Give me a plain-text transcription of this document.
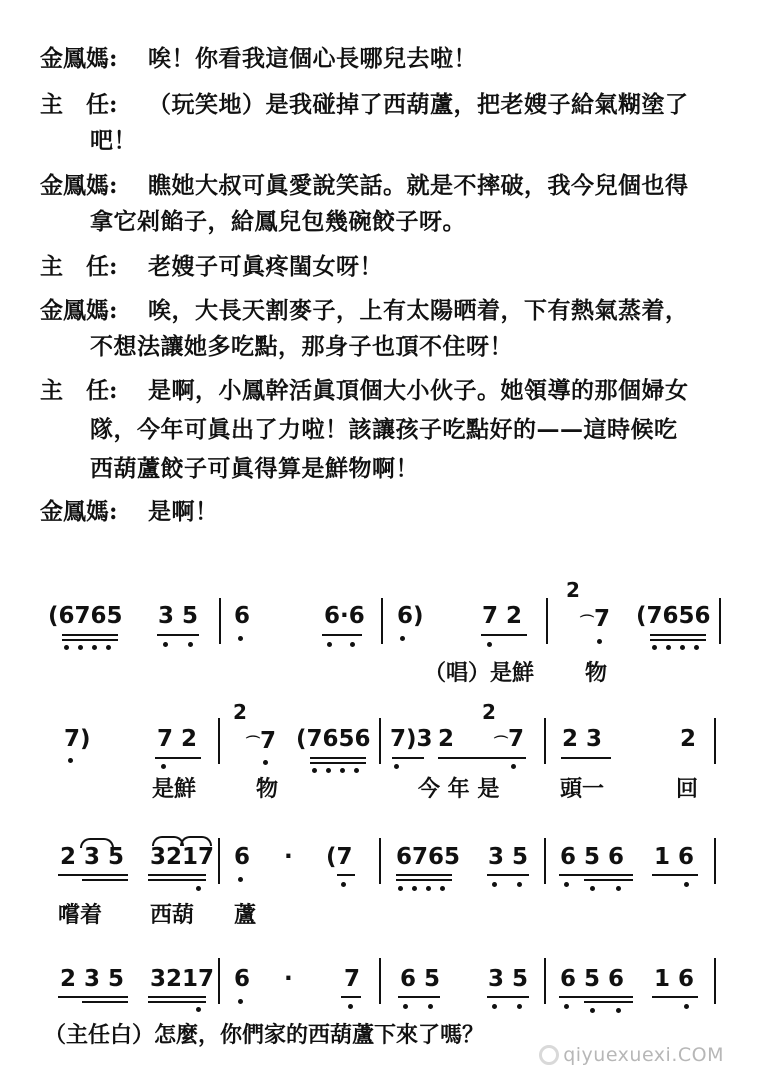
金鳳媽: 唉！你看我這個心長哪兒去啦！
主　任: （玩笑地）是我碰掉了西葫蘆，把老嫂子給氣糊塗了
吧！
金鳳媽: 瞧她大叔可眞愛說笑話。就是不摔破，我今兒個也得
拿它剁餡子，給鳳兒包幾碗餃子呀。
主　任: 老嫂子可眞疼閨女呀！
金鳳媽: 唉，大長天割麥子，上有太陽晒着，下有熱氣蒸着，
不想法讓她多吃點，那身子也頂不住呀！
主　任: 是啊，小鳳幹活眞頂個大小伙子。她領導的那個婦女
隊，今年可眞出了力啦！該讓孩子吃點好的——這時候吃
西葫蘆餃子可眞得算是鮮物啊！
金鳳媽: 是啊！
(6765 3 5 6	6·6 6)	7 2
2
⌒ 7 (7656
（唱）是鮮 物
7)	7 2
2
⌒ 7 (7656 7)3 2
2
⌒ 7 2 3	2
是鮮	物	今 年 是	頭一	回
2 3 5 3217 6 · (7 6765 3 5 6 5 6 1 6
嚐着 西葫 蘆
2 3 5 3217 6 · 7 6 5 3 5 6 5 6 1 6
（主任白）怎麼，你們家的西葫蘆下來了嗎？
qiyuexuexi.COM
